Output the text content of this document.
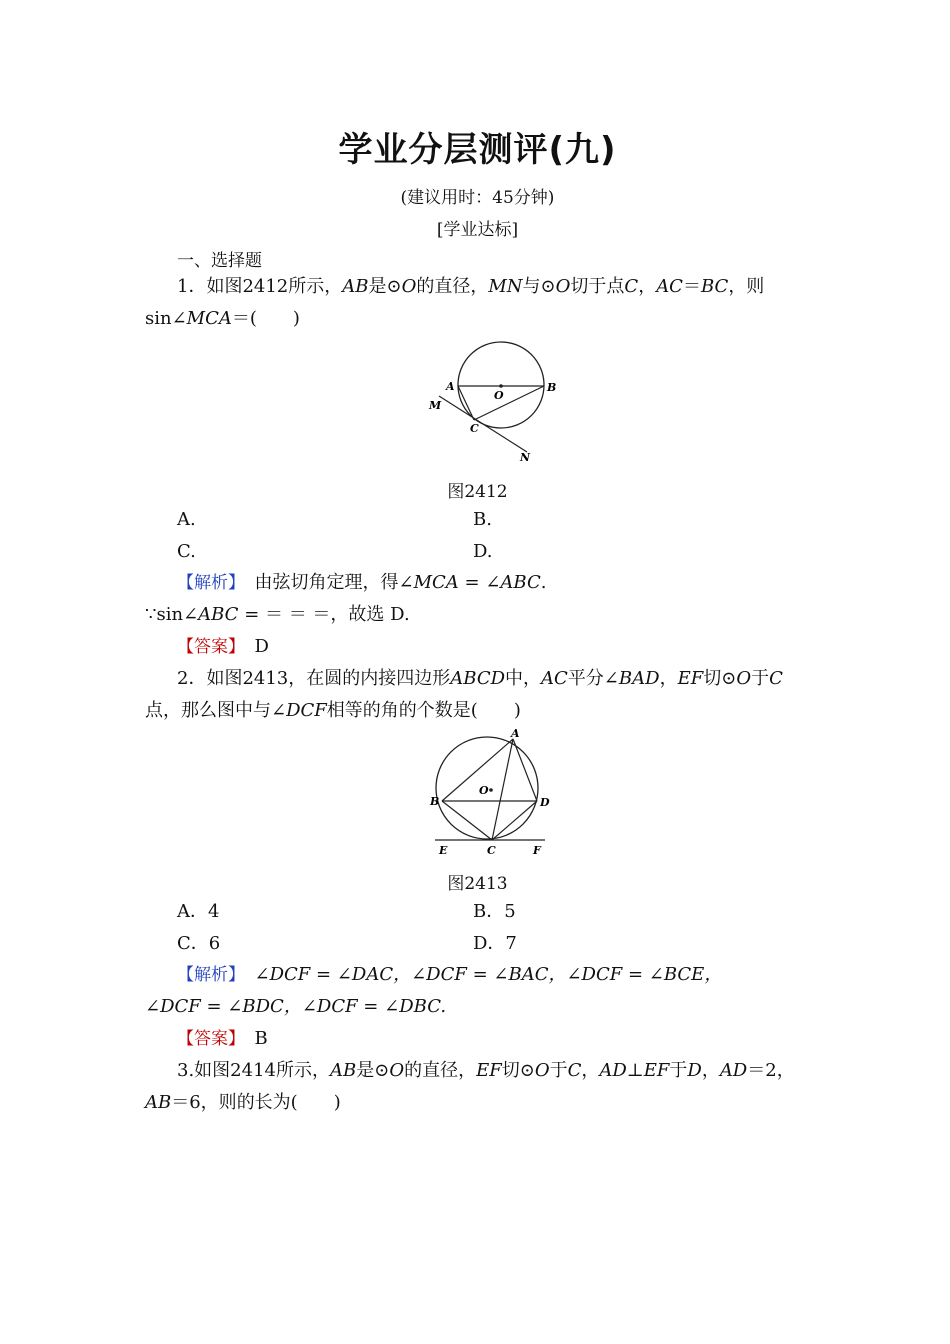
学业分层测评(九)
(建议用时：45分钟)
[学业达标]
一、选择题
1．如图2412所示，AB是⊙O的直径，MN与⊙O切于点C，AC＝BC，则
sin∠MCA＝(　　)
A	B
O
M
C
N
图2412
A.	B.
C.	D.
【解析】　 由弦切角定理，得∠MCA = ∠ABC.
∵sin∠ABC = ＝ ＝ ＝，故选 D.
【答案】　 D
2．如图2413，在圆的内接四边形ABCD中，AC平分∠BAD，EF切⊙O于C
点，那么图中与∠DCF相等的角的个数是(　　)
A
B	D
O
E	C	F
图2413
A．4	B．5
C．6	D．7
【解析】　 ∠DCF = ∠DAC，∠DCF = ∠BAC，∠DCF = ∠BCE，
∠DCF = ∠BDC，∠DCF = ∠DBC.
【答案】　 B
3.如图2414所示，AB是⊙O的直径，EF切⊙O于C，AD⊥EF于D，AD＝2，
AB＝6，则的长为(　　)
